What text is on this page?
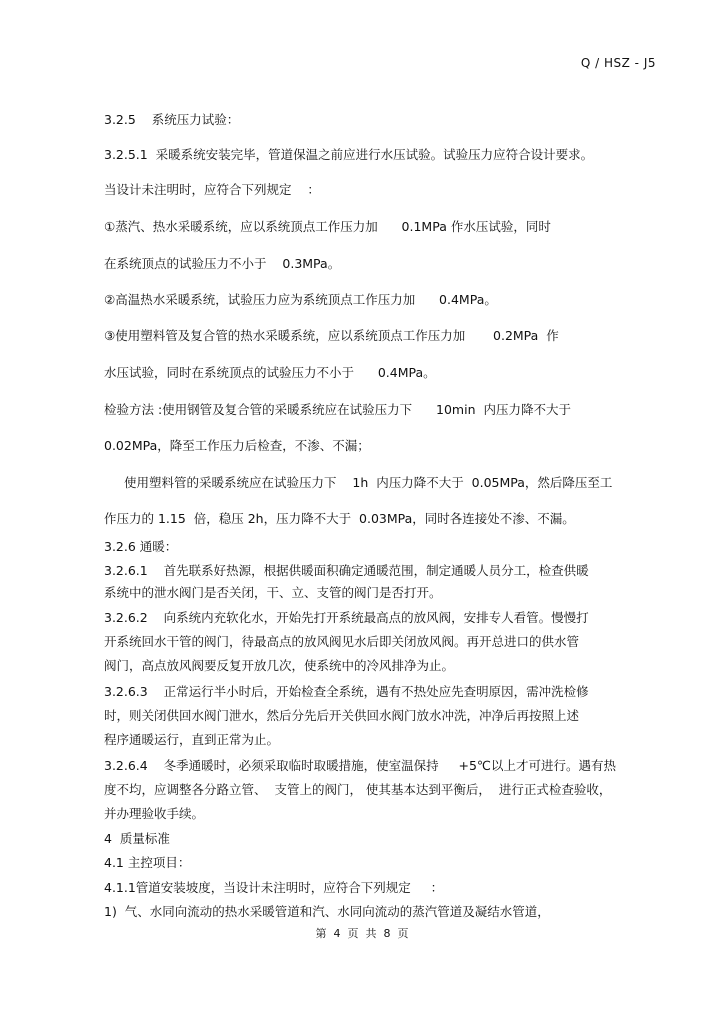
Q / HSZ - J5
3.2.5    系统压力试验：
3.2.5.1  采暖系统安装完毕，管道保温之前应进行水压试验。试验压力应符合设计要求。
当设计未注明时，应符合下列规定    ：
①蒸汽、热水采暖系统，应以系统顶点工作压力加      0.1MPa 作水压试验，同时
在系统顶点的试验压力不小于    0.3MPa。
②高温热水采暖系统，试验压力应为系统顶点工作压力加      0.4MPa。
③使用塑料管及复合管的热水采暖系统，应以系统顶点工作压力加       0.2MPa  作
水压试验，同时在系统顶点的试验压力不小于      0.4MPa。
检验方法 :使用钢管及复合管的采暖系统应在试验压力下      10min  内压力降不大于
0.02MPa，降至工作压力后检查，不渗、不漏；
使用塑料管的采暖系统应在试验压力下    1h  内压力降不大于  0.05MPa，然后降压至工
作压力的 1.15  倍，稳压 2h，压力降不大于  0.03MPa，同时各连接处不渗、不漏。
3.2.6 通暖：
3.2.6.1    首先联系好热源，根据供暖面积确定通暖范围，制定通暖人员分工，检查供暖
系统中的泄水阀门是否关闭，干、立、支管的阀门是否打开。
3.2.6.2    向系统内充软化水，开始先打开系统最高点的放风阀，安排专人看管。慢慢打
开系统回水干管的阀门，待最高点的放风阀见水后即关闭放风阀。再开总进口的供水管
阀门，高点放风阀要反复开放几次，使系统中的冷风排净为止。
3.2.6.3    正常运行半小时后，开始检查全系统，遇有不热处应先查明原因，需冲洗检修
时，则关闭供回水阀门泄水，然后分先后开关供回水阀门放水冲洗，冲净后再按照上述
程序通暖运行，直到正常为止。
3.2.6.4    冬季通暖时，必须采取临时取暖措施，使室温保持     +5℃以上才可进行。遇有热
度不均，应调整各分路立管、  支管上的阀门， 使其基本达到平衡后，  进行正式检查验收，
并办理验收手续。
4  质量标准
4.1 主控项目：
4.1.1管道安装坡度，当设计未注明时，应符合下列规定     ：
1)  气、水同向流动的热水采暖管道和汽、水同向流动的蒸汽管道及凝结水管道，
第  4  页  共  8  页
